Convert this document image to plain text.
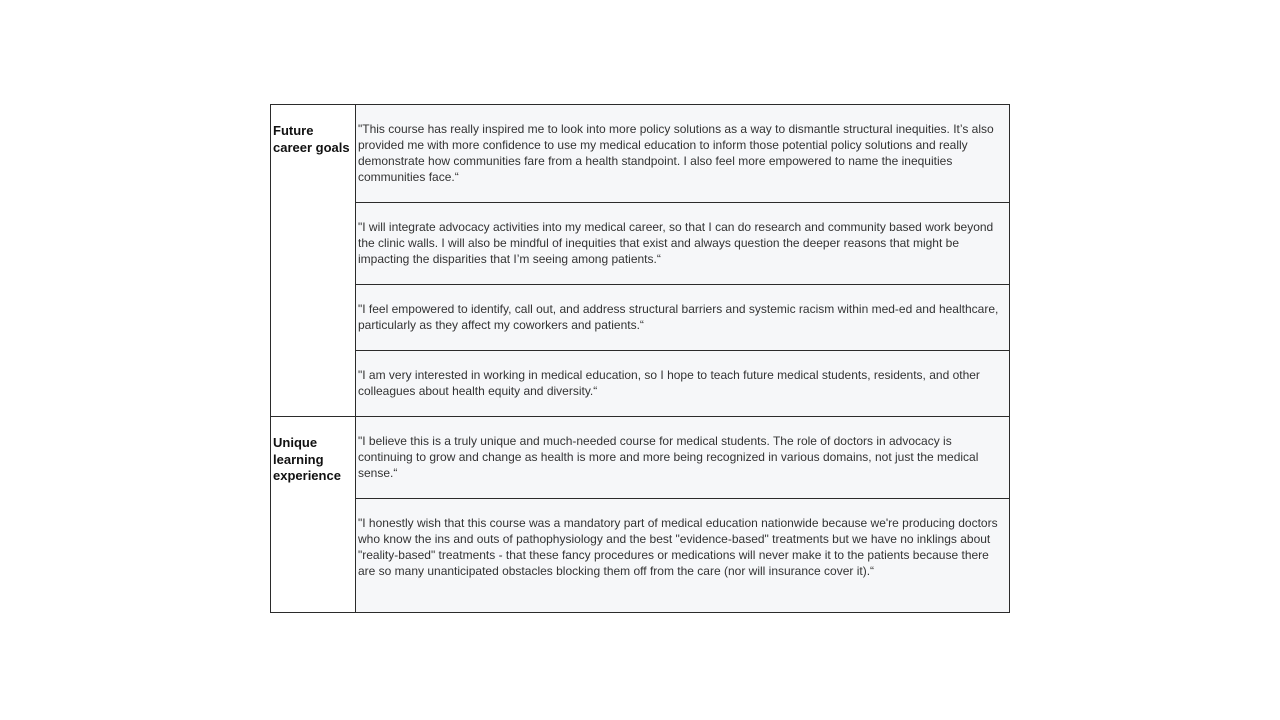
Future career goals	"This course has really inspired me to look into more policy solutions as a way to dismantle structural inequities. It’s also provided me with more confidence to use my medical education to inform those potential policy solutions and really demonstrate how communities fare from a health standpoint. I also feel more empowered to name the inequities communities face.“

	"I will integrate advocacy activities into my medical career, so that I can do research and community based work beyond the clinic walls. I will also be mindful of inequities that exist and always question the deeper reasons that might be impacting the disparities that I’m seeing among patients.“

	"I feel empowered to identify, call out, and address structural barriers and systemic racism within med-ed and healthcare, particularly as they affect my coworkers and patients.“

	"I am very interested in working in medical education, so I hope to teach future medical students, residents, and other colleagues about health equity and diversity.“

Unique learning experience	"I believe this is a truly unique and much-needed course for medical students. The role of doctors in advocacy is continuing to grow and change as health is more and more being recognized in various domains, not just the medical sense.“

	"I honestly wish that this course was a mandatory part of medical education nationwide because we're producing doctors who know the ins and outs of pathophysiology and the best "evidence-based" treatments but we have no inklings about "reality-based" treatments - that these fancy procedures or medications will never make it to the patients because there are so many unanticipated obstacles blocking them off from the care (nor will insurance cover it).“
